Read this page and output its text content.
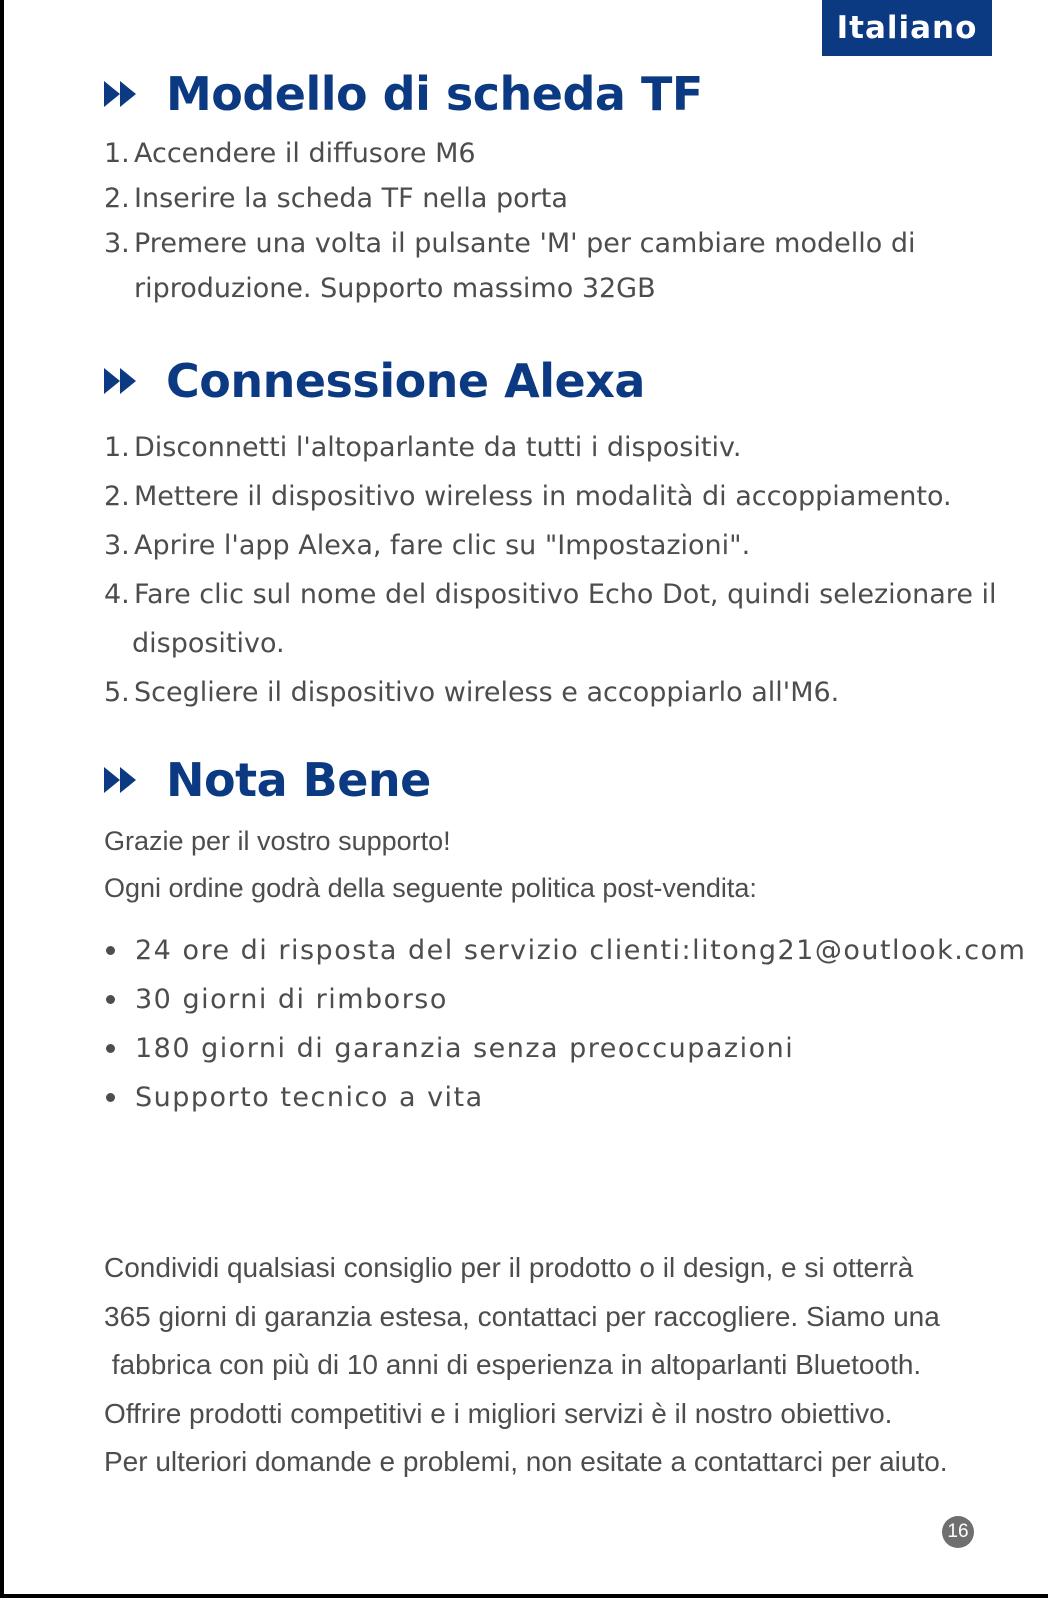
Italiano
Modello di scheda TF
1. Accendere il diffusore M6
2. Inserire la scheda TF nella porta
3. Premere una volta il pulsante 'M' per cambiare modello di
riproduzione. Supporto massimo 32GB
Connessione Alexa
1. Disconnetti l'altoparlante da tutti i dispositiv.
2. Mettere il dispositivo wireless in modalità di accoppiamento.
3. Aprire l'app Alexa, fare clic su "Impostazioni".
4. Fare clic sul nome del dispositivo Echo Dot, quindi selezionare il
dispositivo.
5. Scegliere il dispositivo wireless e accoppiarlo all'M6.
Nota Bene
Grazie per il vostro supporto!
Ogni ordine godrà della seguente politica post-vendita:
24 ore di risposta del servizio clienti:litong21@outlook.com
30 giorni di rimborso
180 giorni di garanzia senza preoccupazioni
Supporto tecnico a vita
Condividi qualsiasi consiglio per il prodotto o il design, e si otterrà
365 giorni di garanzia estesa, contattaci per raccogliere. Siamo una
fabbrica con più di 10 anni di esperienza in altoparlanti Bluetooth.
Offrire prodotti competitivi e i migliori servizi è il nostro obiettivo.
Per ulteriori domande e problemi, non esitate a contattarci per aiuto.
16
